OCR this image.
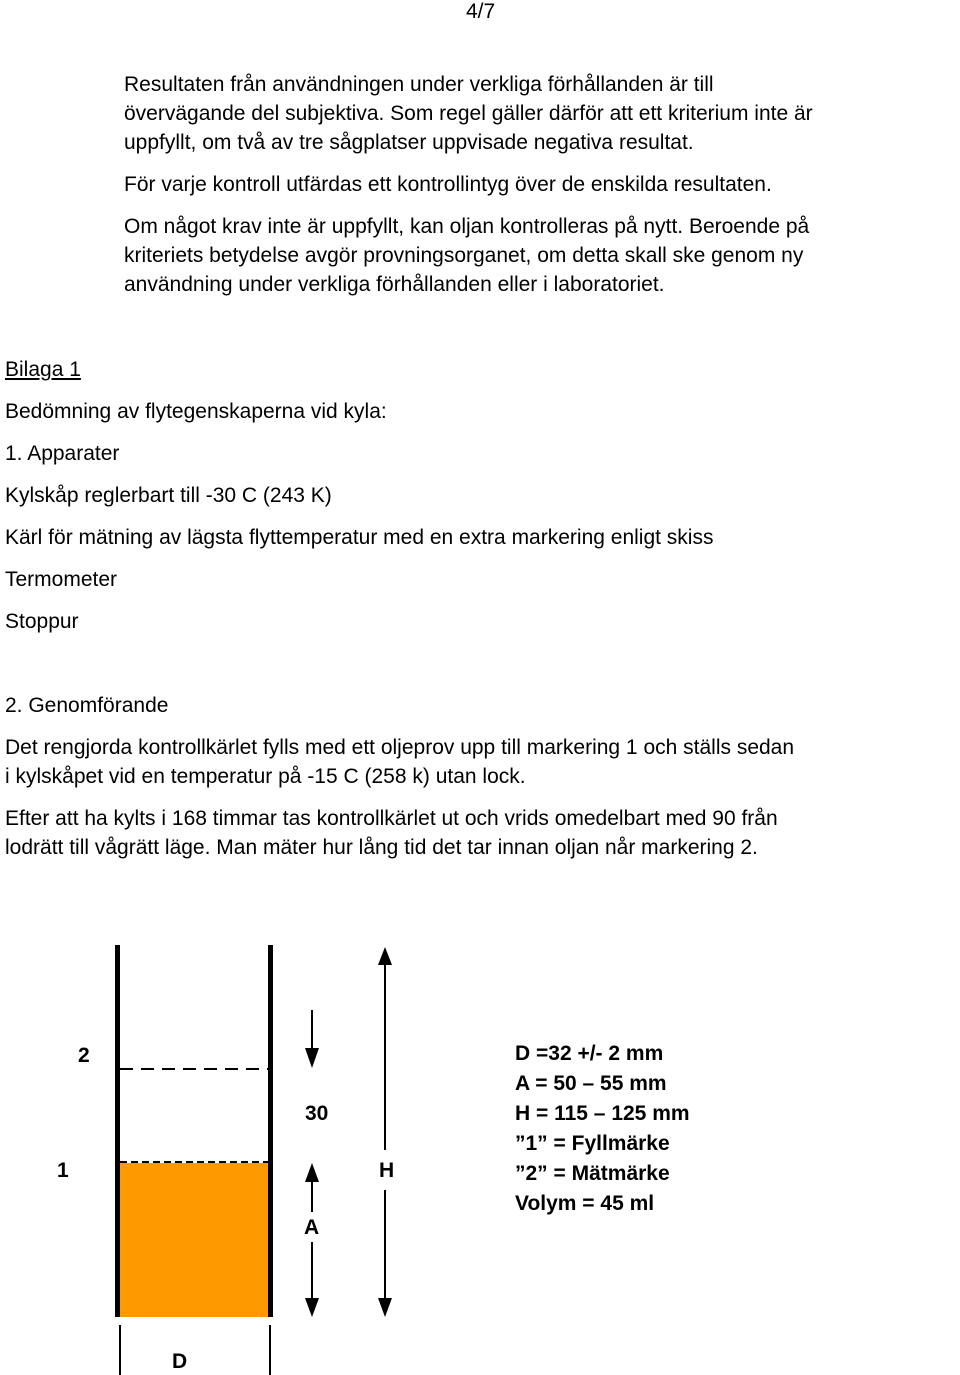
4/7
Resultaten från användningen under verkliga förhållanden är till
övervägande del subjektiva. Som regel gäller därför att ett kriterium inte är
uppfyllt, om två av tre sågplatser uppvisade negativa resultat.
För varje kontroll utfärdas ett kontrollintyg över de enskilda resultaten.
Om något krav inte är uppfyllt, kan oljan kontrolleras på nytt. Beroende på
kriteriets betydelse avgör provningsorganet, om detta skall ske genom ny
användning under verkliga förhållanden eller i laboratoriet.
Bilaga 1
Bedömning av flytegenskaperna vid kyla:
1. Apparater
Kylskåp reglerbart till -30 C (243 K)
Kärl för mätning av lägsta flyttemperatur med en extra markering enligt skiss
Termometer
Stoppur
2. Genomförande
Det rengjorda kontrollkärlet fylls med ett oljeprov upp till markering 1 och ställs sedan
i kylskåpet vid en temperatur på -15 C (258 k) utan lock.
Efter att ha kylts i 168 timmar tas kontrollkärlet ut och vrids omedelbart med 90 från
lodrätt till vågrätt läge. Man mäter hur lång tid det tar innan oljan når markering 2.
2
1
30
A
H
D
D =32 +/- 2 mm
A = 50 – 55 mm
H = 115 – 125 mm
”1” = Fyllmärke
”2” = Mätmärke
Volym = 45 ml
